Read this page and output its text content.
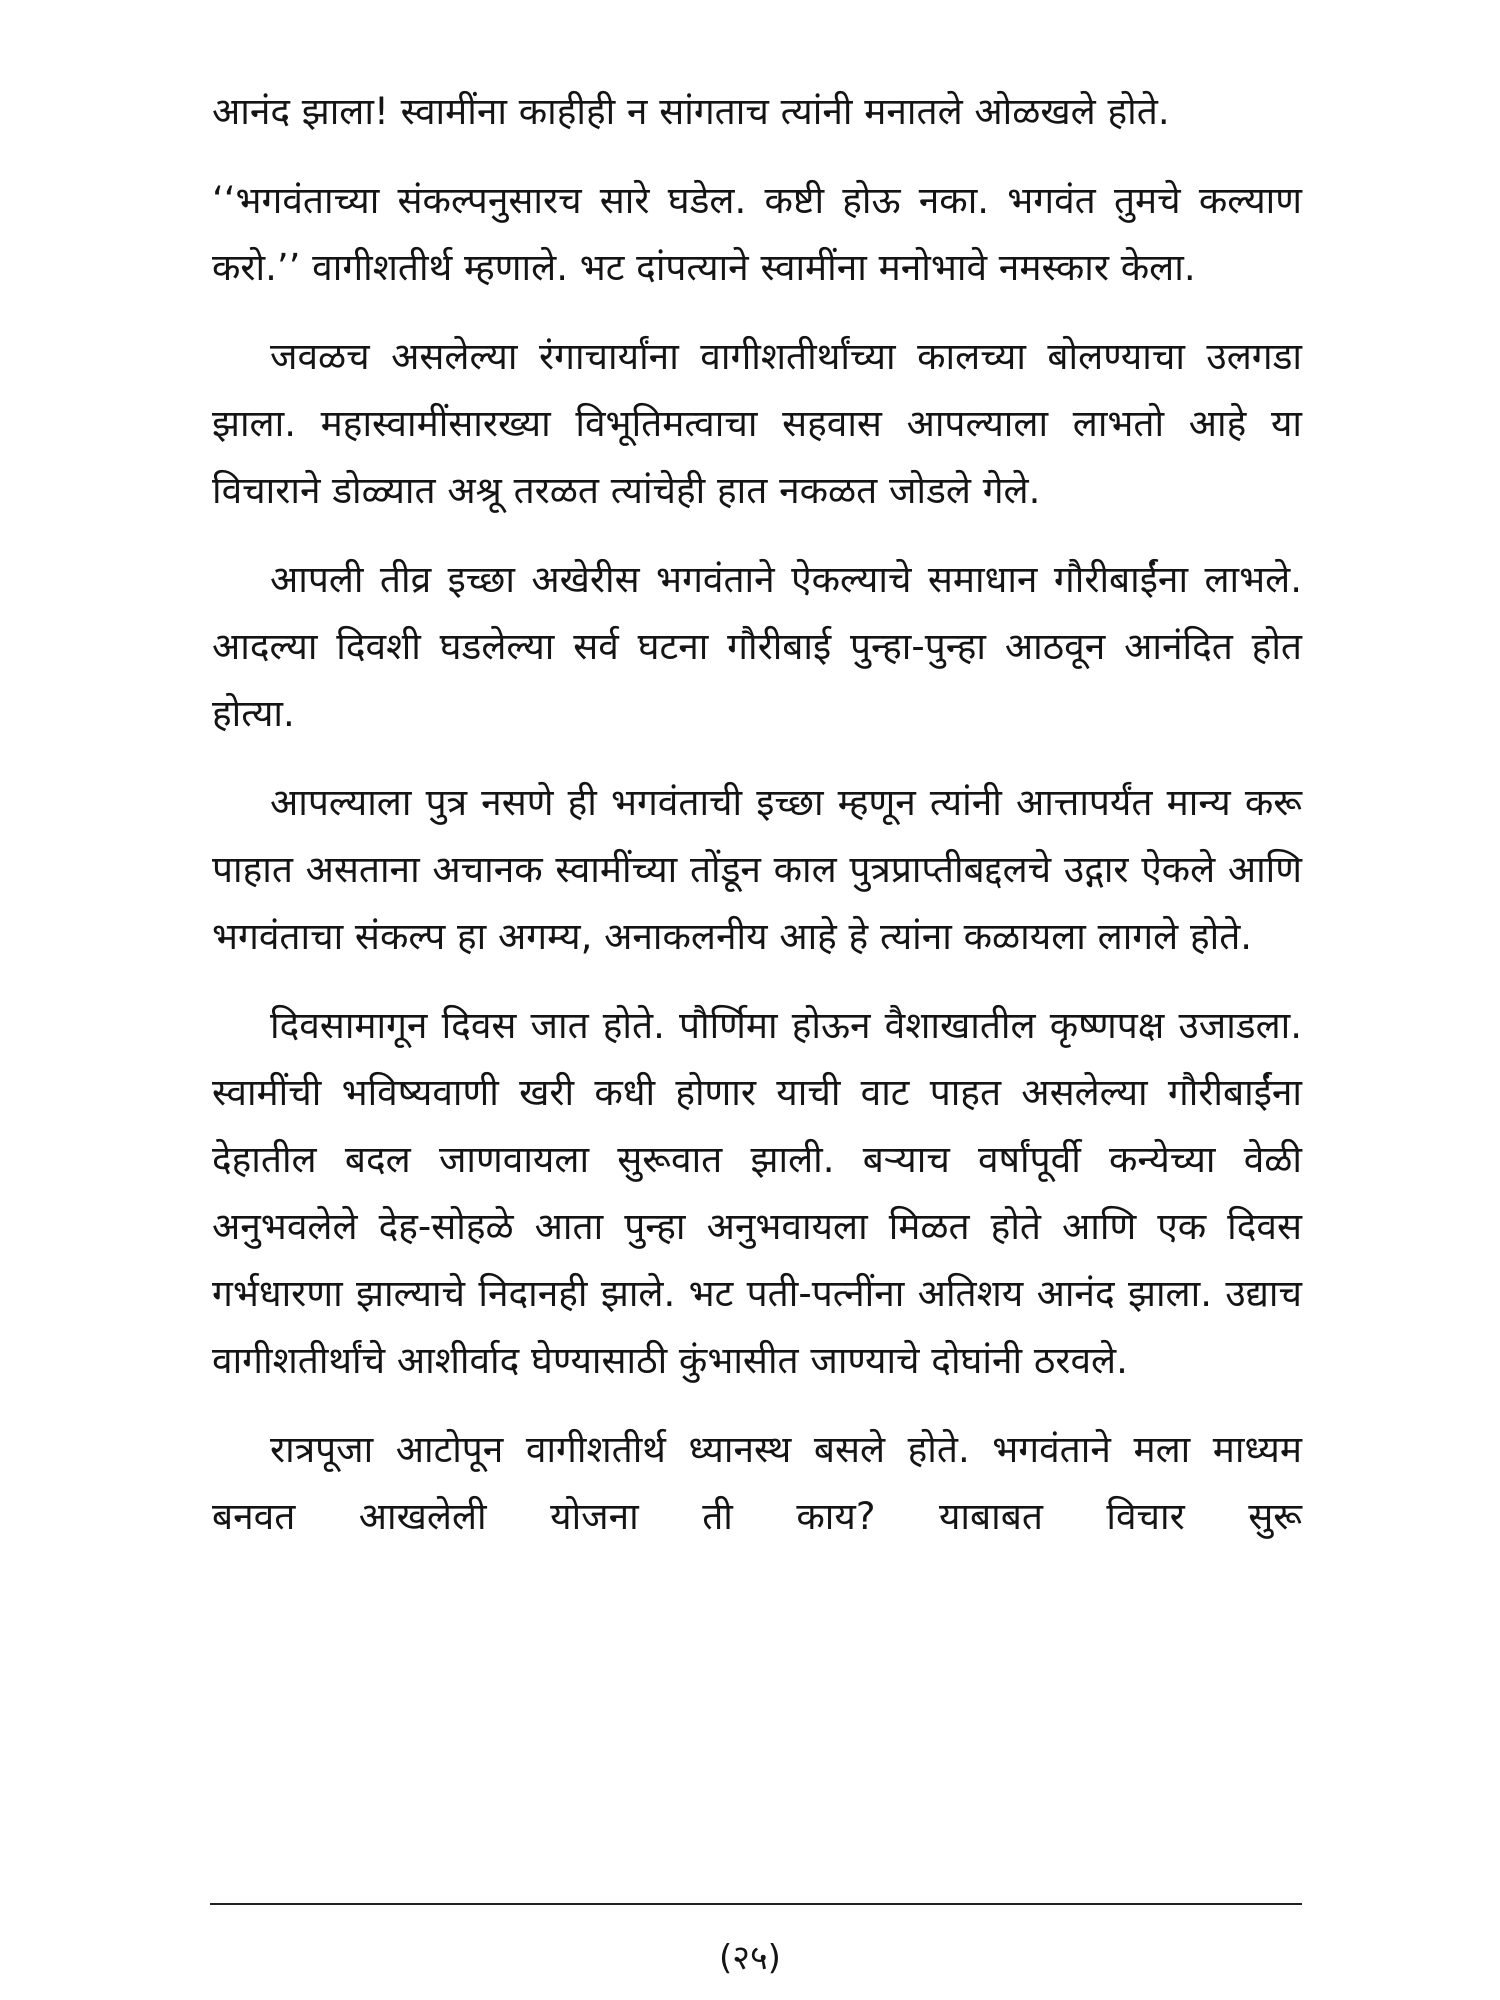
आनंद झाला! स्वामींना काहीही न सांगताच त्यांनी मनातले ओळखले होते.

‘‘भगवंताच्या संकल्पनुसारच सारे घडेल. कष्टी होऊ नका. भगवंत तुमचे कल्याण करो.’’ वागीशतीर्थ म्हणाले. भट दांपत्याने स्वामींना मनोभावे नमस्कार केला.

जवळच असलेल्या रंगाचार्यांना वागीशतीर्थांच्या कालच्या बोलण्याचा उलगडा झाला. महास्वामींसारख्या विभूतिमत्वाचा सहवास आपल्याला लाभतो आहे या विचाराने डोळ्यात अश्रू तरळत त्यांचेही हात नकळत जोडले गेले.

आपली तीव्र इच्छा अखेरीस भगवंताने ऐकल्याचे समाधान गौरीबाईंना लाभले. आदल्या दिवशी घडलेल्या सर्व घटना गौरीबाई पुन्हा-पुन्हा आठवून आनंदित होत होत्या.

आपल्याला पुत्र नसणे ही भगवंताची इच्छा म्हणून त्यांनी आत्तापर्यंत मान्य करू पाहात असताना अचानक स्वामींच्या तोंडून काल पुत्रप्राप्तीबद्दलचे उद्गार ऐकले आणि भगवंताचा संकल्प हा अगम्य, अनाकलनीय आहे हे त्यांना कळायला लागले होते.

दिवसामागून दिवस जात होते. पौर्णिमा होऊन वैशाखातील कृष्णपक्ष उजाडला. स्वामींची भविष्यवाणी खरी कधी होणार याची वाट पाहत असलेल्या गौरीबाईंना देहातील बदल जाणवायला सुरूवात झाली. बऱ्याच वर्षांपूर्वी कन्येच्या वेळी अनुभवलेले देह-सोहळे आता पुन्हा अनुभवायला मिळत होते आणि एक दिवस गर्भधारणा झाल्याचे निदानही झाले. भट पती-पत्नींना अतिशय आनंद झाला. उद्याच वागीशतीर्थांचे आशीर्वाद घेण्यासाठी कुंभासीत जाण्याचे दोघांनी ठरवले.

रात्रपूजा आटोपून वागीशतीर्थ ध्यानस्थ बसले होते. भगवंताने मला माध्यम बनवत आखलेली योजना ती काय? याबाबत विचार सुरू

(२५)
